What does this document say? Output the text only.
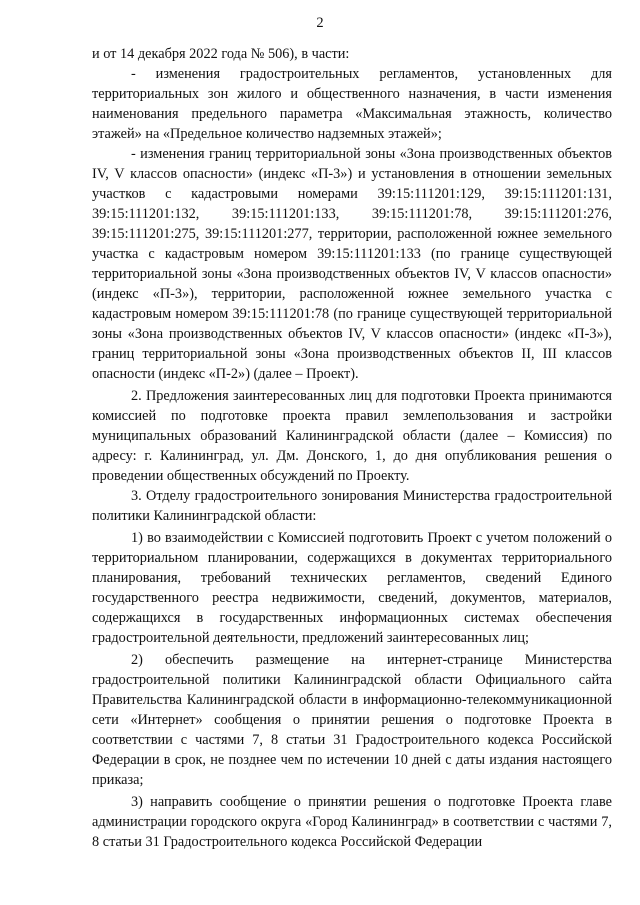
2

и от 14 декабря 2022 года № 506), в части:

- изменения градостроительных регламентов, установленных для территориальных зон жилого и общественного назначения, в части изменения наименования предельного параметра «Максимальная этажность, количество этажей» на «Предельное количество надземных этажей»;

- изменения границ территориальной зоны «Зона производственных объектов IV, V классов опасности» (индекс «П-3») и установления в отношении земельных участков с кадастровыми номерами 39:15:111201:129, 39:15:111201:131, 39:15:111201:132, 39:15:111201:133, 39:15:111201:78, 39:15:111201:276, 39:15:111201:275, 39:15:111201:277, территории, расположенной южнее земельного участка с кадастровым номером 39:15:111201:133 (по границе существующей территориальной зоны «Зона производственных объектов IV, V классов опасности» (индекс «П-3»), территории, расположенной южнее земельного участка с кадастровым номером 39:15:111201:78 (по границе существующей территориальной зоны «Зона производственных объектов IV, V классов опасности» (индекс «П-3»), границ территориальной зоны «Зона производственных объектов II, III классов опасности (индекс «П-2») (далее – Проект).

2. Предложения заинтересованных лиц для подготовки Проекта принимаются комиссией по подготовке проекта правил землепользования и застройки муниципальных образований Калининградской области (далее – Комиссия) по адресу: г. Калининград, ул. Дм. Донского, 1, до дня опубликования решения о проведении общественных обсуждений по Проекту.

3. Отделу градостроительного зонирования Министерства градостроительной политики Калининградской области:

1) во взаимодействии с Комиссией подготовить Проект с учетом положений о территориальном планировании, содержащихся в документах территориального планирования, требований технических регламентов, сведений Единого государственного реестра недвижимости, сведений, документов, материалов, содержащихся в государственных информационных системах обеспечения градостроительной деятельности, предложений заинтересованных лиц;

2) обеспечить размещение на интернет-странице Министерства градостроительной политики Калининградской области Официального сайта Правительства Калининградской области в информационно-телекоммуникационной сети «Интернет» сообщения о принятии решения о подготовке Проекта в соответствии с частями 7, 8 статьи 31 Градостроительного кодекса Российской Федерации в срок, не позднее чем по истечении 10 дней с даты издания настоящего приказа;

3) направить сообщение о принятии решения о подготовке Проекта главе администрации городского округа «Город Калининград» в соответствии с частями 7, 8 статьи 31 Градостроительного кодекса Российской Федерации
